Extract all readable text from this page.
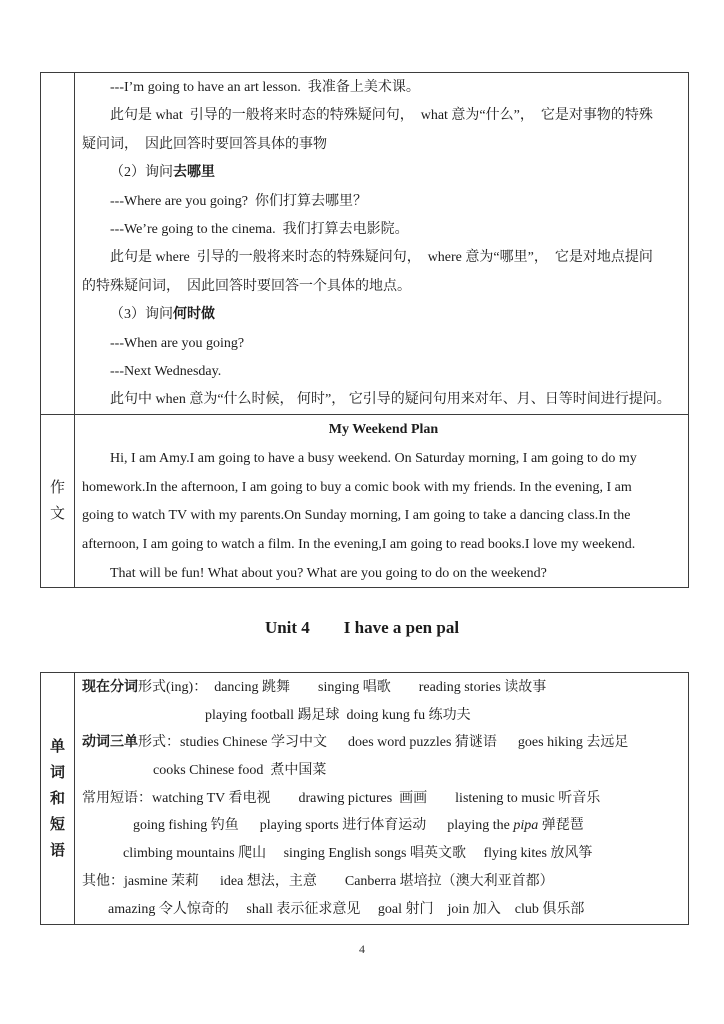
---I’m going to have an art lesson.  我准备上美术课。
此句是 what  引导的一般将来时态的特殊疑问句，  what 意为“什么”，  它是对事物的特殊
疑问词，  因此回答时要回答具体的事物
（2）询问去哪里
---Where are you going?  你们打算去哪里？
---We’re going to the cinema.  我们打算去电影院。
此句是 where  引导的一般将来时态的特殊疑问句，  where 意为“哪里”，  它是对地点提问
的特殊疑问词，  因此回答时要回答一个具体的地点。
（3）询问何时做
---When are you going?
---Next Wednesday.
此句中 when 意为“什么时候， 何时”， 它引导的疑问句用来对年、月、日等时间进行提问。
作文
My Weekend Plan
Hi, I am Amy.I am going to have a busy weekend. On Saturday morning, I am going to do my
homework.In the afternoon, I am going to buy a comic book with my friends. In the evening, I am
going to watch TV with my parents.On Sunday morning, I am going to take a dancing class.In the
afternoon, I am going to watch a film. In the evening,I am going to read books.I love my weekend.
That will be fun! What about you? What are you going to do on the weekend?
Unit 4        I have a pen pal
单词和短语
现在分词形式(ing)：  dancing 跳舞        singing 唱歌        reading stories 读故事
playing football 踢足球  doing kung fu 练功夫
动词三单形式：studies Chinese 学习中文      does word puzzles 猜谜语      goes hiking 去远足
cooks Chinese food  煮中国菜
常用短语：watching TV 看电视        drawing pictures  画画        listening to music 听音乐
going fishing 钓鱼      playing sports 进行体育运动      playing the pipa 弹琵琶
climbing mountains 爬山     singing English songs 唱英文歌     flying kites 放风筝
其他：jasmine 茉莉      idea 想法，主意        Canberra 堪培拉（澳大利亚首都）
amazing 令人惊奇的     shall 表示征求意见     goal 射门    join 加入    club 俱乐部
4
